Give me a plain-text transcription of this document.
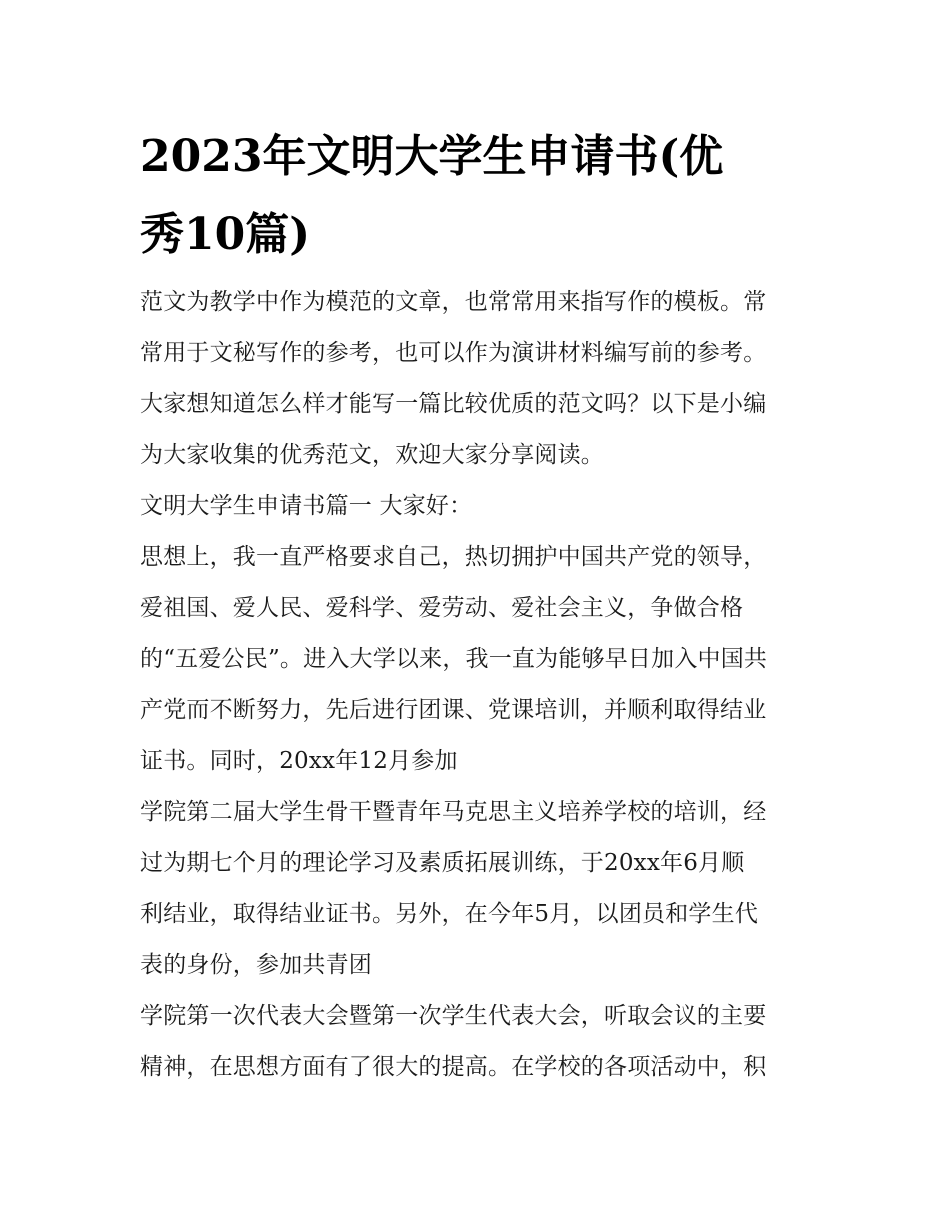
2023年文明大学生申请书(优
秀10篇)
范文为教学中作为模范的文章，也常常用来指写作的模板。常
常用于文秘写作的参考，也可以作为演讲材料编写前的参考。
大家想知道怎么样才能写一篇比较优质的范文吗？以下是小编
为大家收集的优秀范文，欢迎大家分享阅读。
文明大学生申请书篇一 大家好：
思想上，我一直严格要求自己，热切拥护中国共产党的领导，
爱祖国、爱人民、爱科学、爱劳动、爱社会主义，争做合格
的“五爱公民”。进入大学以来，我一直为能够早日加入中国共
产党而不断努力，先后进行团课、党课培训，并顺利取得结业
证书。同时，20xx年12月参加
学院第二届大学生骨干暨青年马克思主义培养学校的培训，经
过为期七个月的理论学习及素质拓展训练，于20xx年6月顺
利结业，取得结业证书。另外，在今年5月，以团员和学生代
表的身份，参加共青团
学院第一次代表大会暨第一次学生代表大会，听取会议的主要
精神，在思想方面有了很大的提高。在学校的各项活动中，积
